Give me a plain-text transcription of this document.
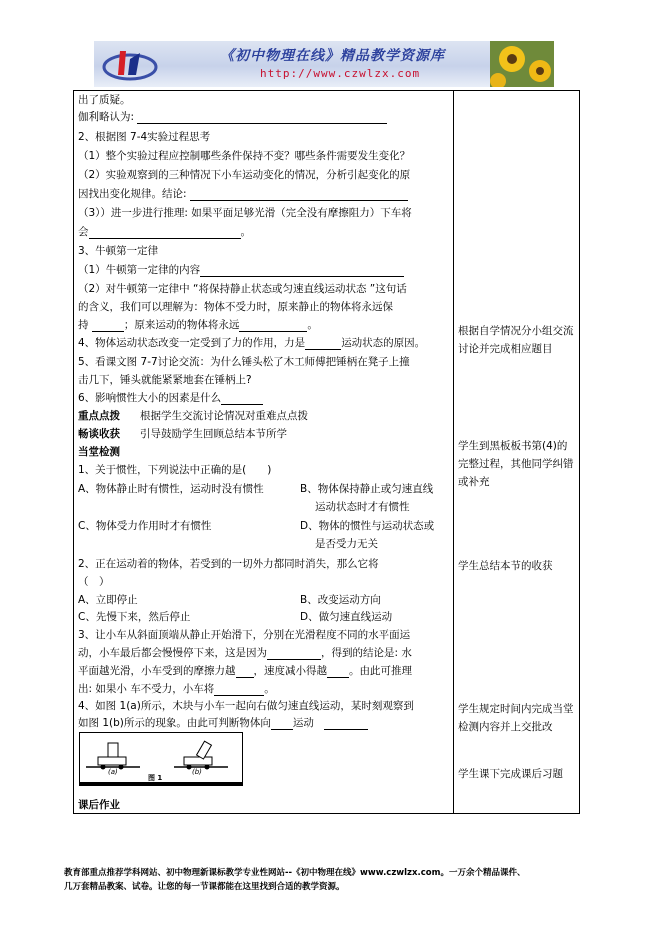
《初中物理在线》精品教学资源库
http://www.czwlzx.com
出了质疑。
伽利略认为:
2、根据图 7-4实验过程思考
（1）整个实验过程应控制哪些条件保持不变？哪些条件需要发生变化？
（2）实验观察到的三种情况下小车运动变化的情况，分析引起变化的原
因找出变化规律。结论:
（3））进一步进行推理: 如果平面足够光滑（完全没有摩擦阻力）下车将
会	。
3、牛顿第一定律
（1）牛顿第一定律的内容
（2）对牛顿第一定律中 “将保持静止状态或匀速直线运动状态 ”这句话
的含义，我们可以理解为：物体不受力时，原来静止的物体将永远保
持	；原来运动的物体将永远	。
4、物体运动状态改变一定受到了力的作用，力是	运动状态的原因。
5、看课文图 7-7讨论交流：为什么锤头松了木工师傅把锤柄在凳子上撞
击几下，锤头就能紧紧地套在锤柄上?
6、影响惯性大小的因素是什么
重点点拨 根据学生交流讨论情况对重难点点拨
畅谈收获 引导鼓励学生回顾总结本节所学
当堂检测
1、关于惯性，下列说法中正确的是(　　)
A、物体静止时有惯性，运动时没有惯性	B、物体保持静止或匀速直线
运动状态时才有惯性
C、物体受力作用时才有惯性	D、物体的惯性与运动状态或
是否受力无关
2、正在运动着的物体，若受到的一切外力都同时消失，那么它将
（　）
A、立即停止	B、改变运动方向
C、先慢下来，然后停止	D、做匀速直线运动
3、让小车从斜面顶端从静止开始滑下，分别在光滑程度不同的水平面运
动，小车最后都会慢慢停下来，这是因为	，得到的结论是: 水
平面越光滑，小车受到的摩擦力越 ，速度减小得越 。由此可推理
出: 如果小 车不受力，小车将	。
4、如图 1(a)所示，木块与小车一起向右做匀速直线运动，某时刻观察到
如图 1(b)所示的现象。由此可判断物体向 运动
(a)	(b)
图 1
课后作业
根据自学情况分小组交流讨论并完成相应题目
学生到黑板板书第(4)的完整过程，其他同学纠错或补充
学生总结本节的收获
学生规定时间内完成当堂检测内容并上交批改
学生课下完成课后习题
教育部重点推荐学科网站、初中物理新课标教学专业性网站--《初中物理在线》www.czwlzx.com。一万余个精品课件、
几万套精品教案、试卷。让您的每一节课都能在这里找到合适的教学资源。
